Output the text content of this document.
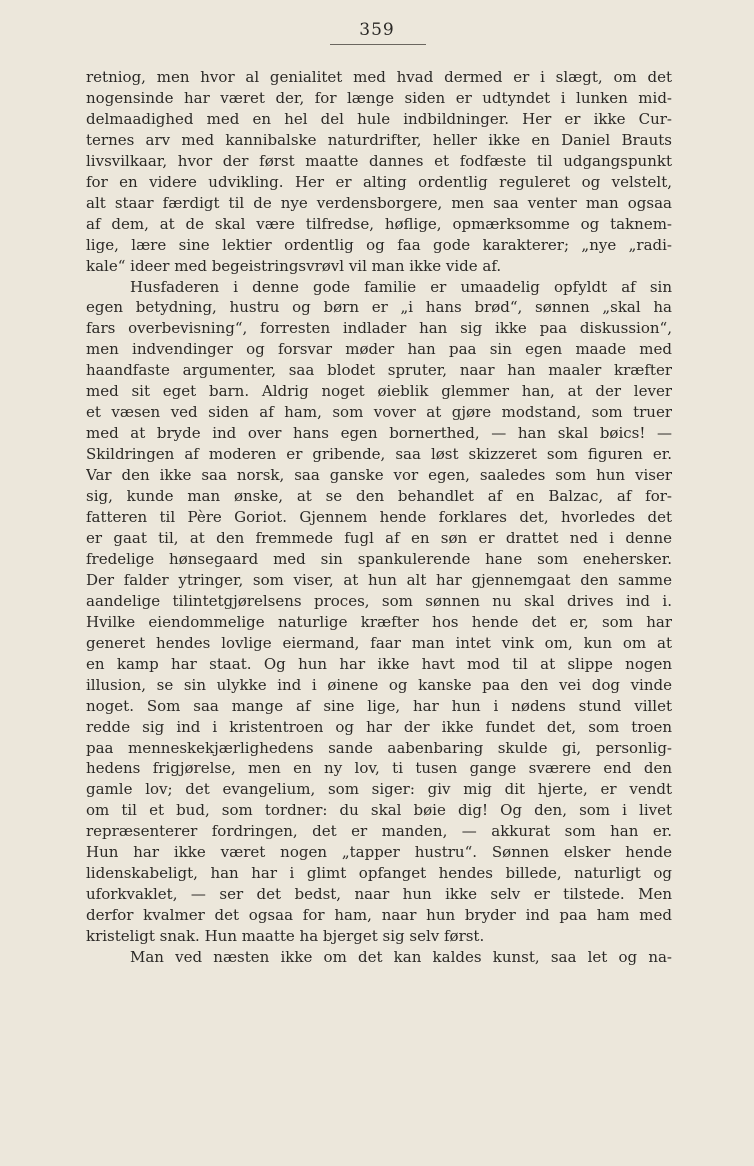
359
retniog, men hvor al genialitet med hvad dermed er i slægt, om det
nogensinde har været der, for længe siden er udtyndet i lunken mid-
delmaadighed med en hel del hule indbildninger. Her er ikke Cur-
ternes arv med kannibalske naturdrifter, heller ikke en Daniel Brauts
livsvilkaar, hvor der først maatte dannes et fodfæste til udgangspunkt
for en videre udvikling. Her er alting ordentlig reguleret og velstelt,
alt staar færdigt til de nye verdensborgere, men saa venter man ogsaa
af dem, at de skal være tilfredse, høflige, opmærksomme og taknem-
lige, lære sine lektier ordentlig og faa gode karakterer; „nye „radi-
kale“ ideer med begeistringsvrøvl vil man ikke vide af.
Husfaderen i denne gode familie er umaadelig opfyldt af sin
egen betydning, hustru og børn er „i hans brød“, sønnen „skal ha
fars overbevisning“, forresten indlader han sig ikke paa diskussion“,
men indvendinger og forsvar møder han paa sin egen maade med
haandfaste argumenter, saa blodet spruter, naar han maaler kræfter
med sit eget barn. Aldrig noget øieblik glemmer han, at der lever
et væsen ved siden af ham, som vover at gjøre modstand, som truer
med at bryde ind over hans egen bornerthed, — han skal bøics! —
Skildringen af moderen er gribende, saa løst skizzeret som figuren er.
Var den ikke saa norsk, saa ganske vor egen, saaledes som hun viser
sig, kunde man ønske, at se den behandlet af en Balzac, af for-
fatteren til Père Goriot. Gjennem hende forklares det, hvorledes det
er gaat til, at den fremmede fugl af en søn er drattet ned i denne
fredelige hønsegaard med sin spankulerende hane som enehersker.
Der falder ytringer, som viser, at hun alt har gjennemgaat den samme
aandelige tilintetgjørelsens proces, som sønnen nu skal drives ind i.
Hvilke eiendommelige naturlige kræfter hos hende det er, som har
generet hendes lovlige eiermand, faar man intet vink om, kun om at
en kamp har staat. Og hun har ikke havt mod til at slippe nogen
illusion, se sin ulykke ind i øinene og kanske paa den vei dog vinde
noget. Som saa mange af sine lige, har hun i nødens stund villet
redde sig ind i kristentroen og har der ikke fundet det, som troen
paa menneskekjærlighedens sande aabenbaring skulde gi, personlig-
hedens frigjørelse, men en ny lov, ti tusen gange sværere end den
gamle lov; det evangelium, som siger: giv mig dit hjerte, er vendt
om til et bud, som tordner: du skal bøie dig! Og den, som i livet
repræsenterer fordringen, det er manden, — akkurat som han er.
Hun har ikke været nogen „tapper hustru“. Sønnen elsker hende
lidenskabeligt, han har i glimt opfanget hendes billede, naturligt og
uforkvaklet, — ser det bedst, naar hun ikke selv er tilstede. Men
derfor kvalmer det ogsaa for ham, naar hun bryder ind paa ham med
kristeligt snak. Hun maatte ha bjerget sig selv først.
Man ved næsten ikke om det kan kaldes kunst, saa let og na-
